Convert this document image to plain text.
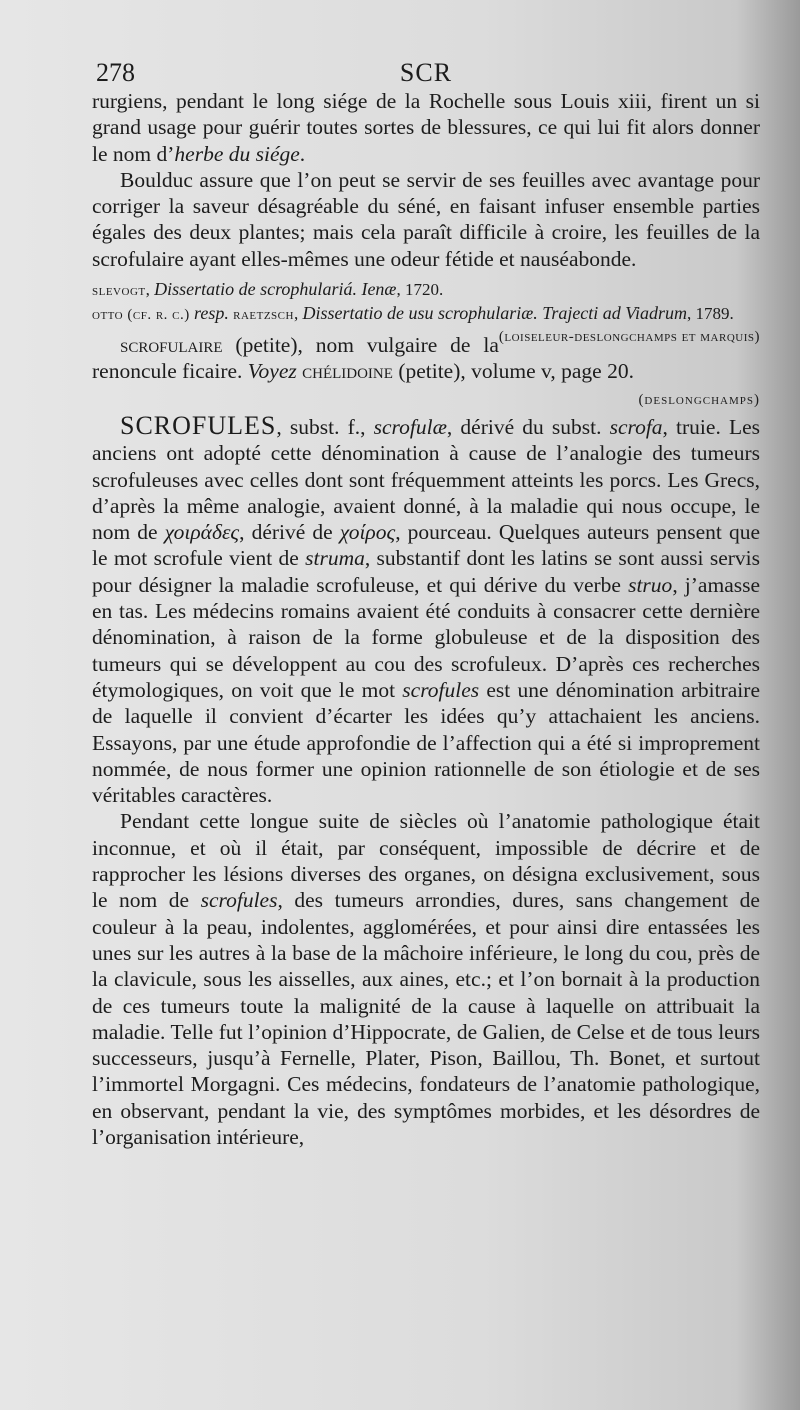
278	SCR

rurgiens, pendant le long siége de la Rochelle sous Louis xiii, firent un si grand usage pour guérir toutes sortes de blessures, ce qui lui fit alors donner le nom d’herbe du siége.

Boulduc assure que l’on peut se servir de ses feuilles avec avantage pour corriger la saveur désagréable du séné, en faisant infuser ensemble parties égales des deux plantes; mais cela paraît difficile à croire, les feuilles de la scrofulaire ayant elles-mêmes une odeur fétide et nauséabonde.

slevogt, Dissertatio de scrophulariá. Ienæ, 1720.

otto (cf. r. c.) resp. raetzsch, Dissertatio de usu scrophulariæ. Trajecti ad Viadrum, 1789.
(loiseleur-deslongchamps et marquis)

scrofulaire (petite), nom vulgaire de la renoncule ficaire. Voyez chélidoine (petite), volume v, page 20.

(deslongchamps)

SCROFULES, subst. f., scrofulæ, dérivé du subst. scrofa, truie. Les anciens ont adopté cette dénomination à cause de l’analogie des tumeurs scrofuleuses avec celles dont sont fréquemment atteints les porcs. Les Grecs, d’après la même analogie, avaient donné, à la maladie qui nous occupe, le nom de χοιράδες, dérivé de χοίρος, pourceau. Quelques auteurs pensent que le mot scrofule vient de struma, substantif dont les latins se sont aussi servis pour désigner la maladie scrofuleuse, et qui dérive du verbe struo, j’amasse en tas. Les médecins romains avaient été conduits à consacrer cette dernière dénomination, à raison de la forme globuleuse et de la disposition des tumeurs qui se développent au cou des scrofuleux. D’après ces recherches étymologiques, on voit que le mot scrofules est une dénomination arbitraire de laquelle il convient d’écarter les idées qu’y attachaient les anciens. Essayons, par une étude approfondie de l’affection qui a été si improprement nommée, de nous former une opinion rationnelle de son étiologie et de ses véritables caractères.

Pendant cette longue suite de siècles où l’anatomie pathologique était inconnue, et où il était, par conséquent, impossible de décrire et de rapprocher les lésions diverses des organes, on désigna exclusivement, sous le nom de scrofules, des tumeurs arrondies, dures, sans changement de couleur à la peau, indolentes, agglomérées, et pour ainsi dire entassées les unes sur les autres à la base de la mâchoire inférieure, le long du cou, près de la clavicule, sous les aisselles, aux aines, etc.; et l’on bornait à la production de ces tumeurs toute la malignité de la cause à laquelle on attribuait la maladie. Telle fut l’opinion d’Hippocrate, de Galien, de Celse et de tous leurs successeurs, jusqu’à Fernelle, Plater, Pison, Baillou, Th. Bonet, et surtout l’immortel Morgagni. Ces médecins, fondateurs de l’anatomie pathologique, en observant, pendant la vie, des symptômes morbides, et les désordres de l’organisation intérieure,
